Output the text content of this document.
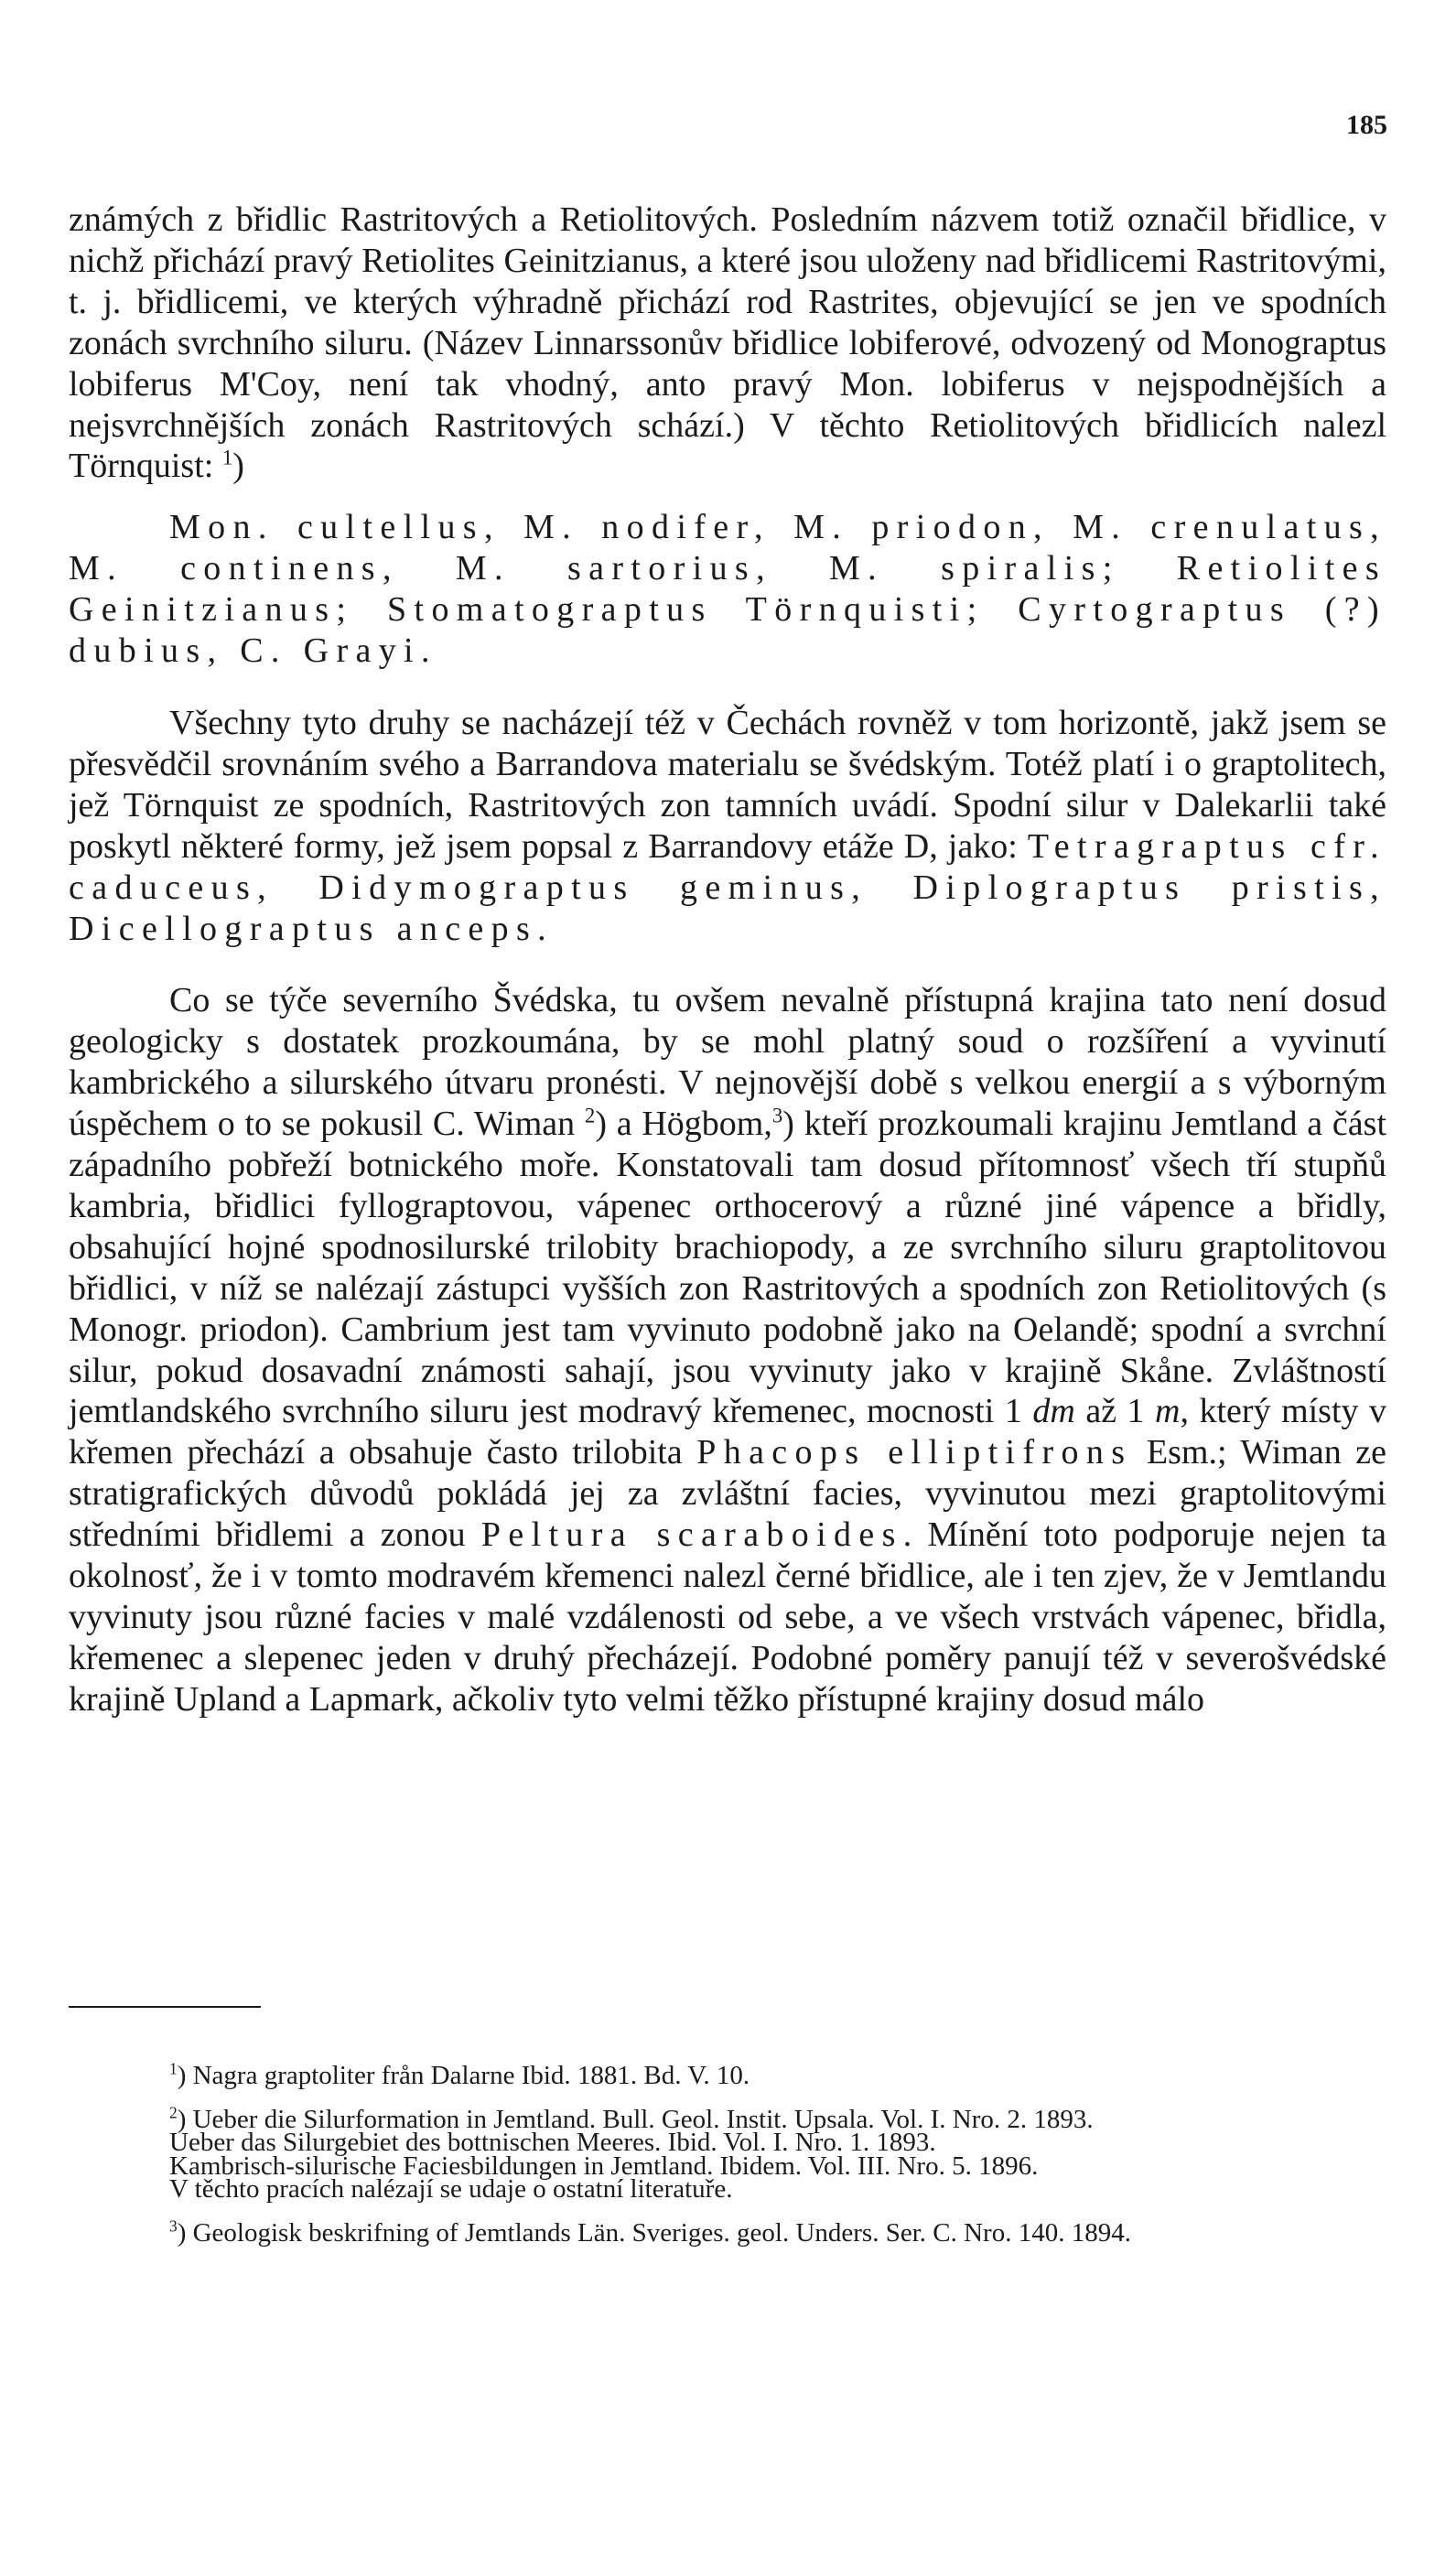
185

známých z břidlic Rastritových a Retiolitových. Posledním názvem totiž označil břidlice, v nichž přichází pravý Retiolites Geinitzianus, a které jsou uloženy nad břidlicemi Rastritovými, t. j. břidlicemi, ve kterých výhradně přichází rod Rastrites, objevující se jen ve spodních zonách svrchního siluru. (Název Linnarssonův břidlice lobiferové, odvozený od Monograptus lobiferus M'Coy, není tak vhodný, anto pravý Mon. lobiferus v nejspodnějších a nejsvrchnějších zonách Rastritových schází.) V těchto Retiolitových břidlicích nalezl Törnquist: $^1$)

Mon. cultellus, M. nodifer, M. priodon, M. crenulatus, M. continens, M. sartorius, M. spiralis; Retiolites Geinitzianus; Stomatograptus Törnquisti; Cyrtograptus (?) dubius, C. Grayi.

Všechny tyto druhy se nacházejí též v Čechách rovněž v tom horizontě, jakž jsem se přesvědčil srovnáním svého a Barrandova materialu se švédským. Totéž platí i o graptolitech, jež Törnquist ze spodních, Rastritových zon tamních uvádí. Spodní silur v Dalekarlii také poskytl některé formy, jež jsem popsal z Barrandovy etáže D, jako: Tetragraptus cfr. caduceus, Didymograptus geminus, Diplograptus pristis, Dicellograptus anceps.

Co se týče severního Švédska, tu ovšem nevalně přístupná krajina tato není dosud geologicky s dostatek prozkoumána, by se mohl platný soud o rozšíření a vyvinutí kambrického a silurského útvaru pronésti. V nejnovější době s velkou energií a s výborným úspěchem o to se pokusil C. Wiman $^2$) a Högbom,$^3$) kteří prozkoumali krajinu Jemtland a část západního pobřeží botnického moře. Konstatovali tam dosud přítomnosť všech tří stupňů kambria, břidlici fyllograptovou, vápenec orthocerový a různé jiné vápence a břidly, obsahující hojné spodnosilurské trilobity brachiopody, a ze svrchního siluru graptolitovou břidlici, v níž se nalézají zástupci vyšších zon Rastritových a spodních zon Retiolitových (s Monogr. priodon). Cambrium jest tam vyvinuto podobně jako na Oelandě; spodní a svrchní silur, pokud dosavadní známosti sahají, jsou vyvinuty jako v krajině Skåne. Zvláštností jemtlandského svrchního siluru jest modravý křemenec, mocnosti 1 dm až 1 m, který místy v křemen přechází a obsahuje často trilobita Phacops elliptifrons Esm.; Wiman ze stratigrafických důvodů pokládá jej za zvláštní facies, vyvinutou mezi graptolitovými středními břidlemi a zonou Peltura scaraboides. Mínění toto podporuje nejen ta okolnosť, že i v tomto modravém křemenci nalezl černé břidlice, ale i ten zjev, že v Jemtlandu vyvinuty jsou různé facies v malé vzdálenosti od sebe, a ve všech vrstvách vápenec, břidla, křemenec a slepenec jeden v druhý přecházejí. Podobné poměry panují též v severošvédské krajině Upland a Lapmark, ačkoliv tyto velmi těžko přístupné krajiny dosud málo

$^1$) Nagra graptoliter från Dalarne Ibid. 1881. Bd. V. 10.

$^2$) Ueber die Silurformation in Jemtland. Bull. Geol. Instit. Upsala. Vol. I. Nro. 2. 1893.

Ueber das Silurgebiet des bottnischen Meeres. Ibid. Vol. I. Nro. 1. 1893.

Kambrisch-silurische Faciesbildungen in Jemtland. Ibidem. Vol. III. Nro. 5. 1896.

V těchto pracích nalézají se udaje o ostatní literatuře.

$^3$) Geologisk beskrifning of Jemtlands Län. Sveriges. geol. Unders. Ser. C. Nro. 140. 1894.
